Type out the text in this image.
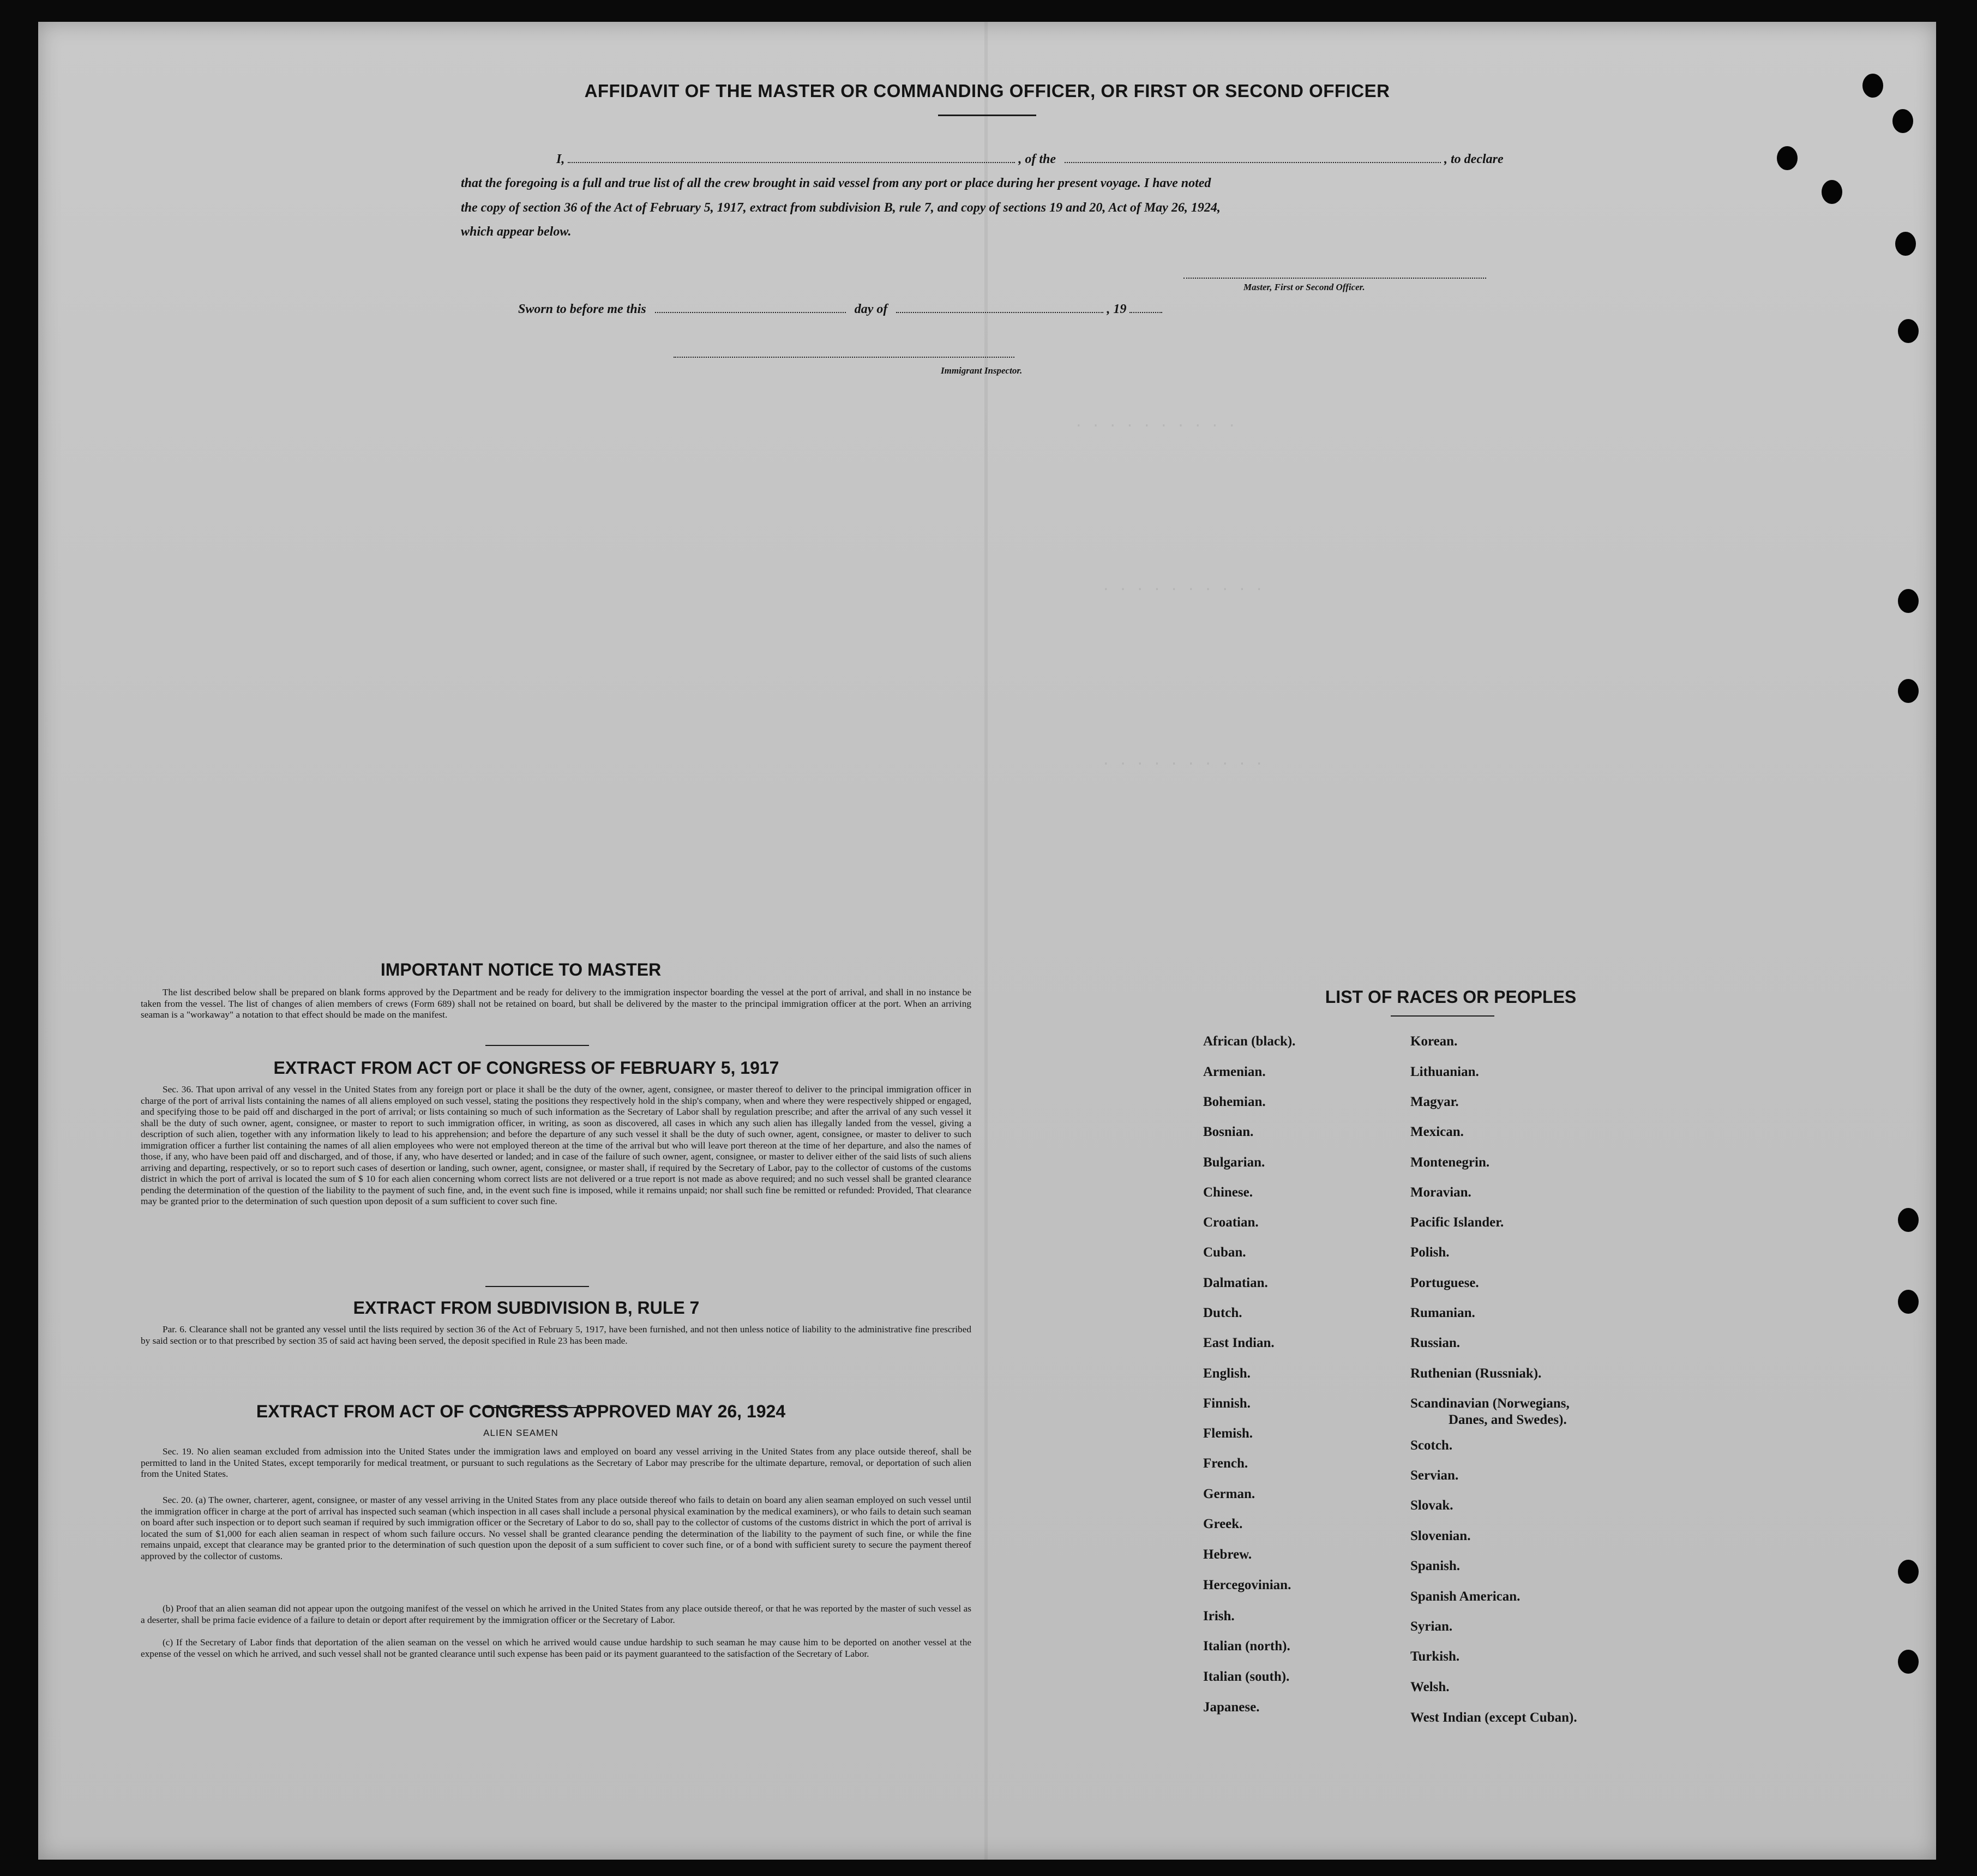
AFFIDAVIT OF THE MASTER OR COMMANDING OFFICER, OR FIRST OR SECOND OFFICER
I,	, of the	, to declare
that the foregoing is a full and true list of all the crew brought in said vessel from any port or place during her present voyage. I have noted
the copy of section 36 of the Act of February 5, 1917, extract from subdivision B, rule 7, and copy of sections 19 and 20, Act of May 26, 1924,
which appear below.
Master, First or Second Officer.
Sworn to before me this	day of	, 19
Immigrant Inspector.
. . . . . . . . . .
. . . . . . . . . .
. . . . . . . . . .
IMPORTANT NOTICE TO MASTER
The list described below shall be prepared on blank forms approved by the Department and be ready for delivery to the immigration inspector boarding the vessel at the port of arrival, and shall in no instance be taken from the vessel. The list of changes of alien members of crews (Form 689) shall not be retained on board, but shall be delivered by the master to the principal immigration officer at the port. When an arriving seaman is a "workaway" a notation to that effect should be made on the manifest.
EXTRACT FROM ACT OF CONGRESS OF FEBRUARY 5, 1917
Sec. 36. That upon arrival of any vessel in the United States from any foreign port or place it shall be the duty of the owner, agent, consignee, or master thereof to deliver to the principal immigration officer in charge of the port of arrival lists containing the names of all aliens employed on such vessel, stating the positions they respectively hold in the ship's company, when and where they were respectively shipped or engaged, and specifying those to be paid off and discharged in the port of arrival; or lists containing so much of such information as the Secretary of Labor shall by regulation prescribe; and after the arrival of any such vessel it shall be the duty of such owner, agent, consignee, or master to report to such immigration officer, in writing, as soon as discovered, all cases in which any such alien has illegally landed from the vessel, giving a description of such alien, together with any information likely to lead to his apprehension; and before the departure of any such vessel it shall be the duty of such owner, agent, consignee, or master to deliver to such immigration officer a further list containing the names of all alien employees who were not employed thereon at the time of the arrival but who will leave port thereon at the time of her departure, and also the names of those, if any, who have been paid off and discharged, and of those, if any, who have deserted or landed; and in case of the failure of such owner, agent, consignee, or master to deliver either of the said lists of such aliens arriving and departing, respectively, or so to report such cases of desertion or landing, such owner, agent, consignee, or master shall, if required by the Secretary of Labor, pay to the collector of customs of the customs district in which the port of arrival is located the sum of $ 10 for each alien concerning whom correct lists are not delivered or a true report is not made as above required; and no such vessel shall be granted clearance pending the determination of the question of the liability to the payment of such fine, and, in the event such fine is imposed, while it remains unpaid; nor shall such fine be remitted or refunded: Provided, That clearance may be granted prior to the determination of such question upon deposit of a sum sufficient to cover such fine.
EXTRACT FROM SUBDIVISION B, RULE 7
Par. 6. Clearance shall not be granted any vessel until the lists required by section 36 of the Act of February 5, 1917, have been furnished, and not then unless notice of liability to the administrative fine prescribed by said section or to that prescribed by section 35 of said act having been served, the deposit specified in Rule 23 has been made.
EXTRACT FROM ACT OF CONGRESS APPROVED MAY 26, 1924
ALIEN SEAMEN
Sec. 19. No alien seaman excluded from admission into the United States under the immigration laws and employed on board any vessel arriving in the United States from any place outside thereof, shall be permitted to land in the United States, except temporarily for medical treatment, or pursuant to such regulations as the Secretary of Labor may prescribe for the ultimate departure, removal, or deportation of such alien from the United States.
Sec. 20. (a) The owner, charterer, agent, consignee, or master of any vessel arriving in the United States from any place outside thereof who fails to detain on board any alien seaman employed on such vessel until the immigration officer in charge at the port of arrival has inspected such seaman (which inspection in all cases shall include a personal physical examination by the medical examiners), or who fails to detain such seaman on board after such inspection or to deport such seaman if required by such immigration officer or the Secretary of Labor to do so, shall pay to the collector of customs of the customs district in which the port of arrival is located the sum of $1,000 for each alien seaman in respect of whom such failure occurs. No vessel shall be granted clearance pending the determination of the liability to the payment of such fine, or while the fine remains unpaid, except that clearance may be granted prior to the determination of such question upon the deposit of a sum sufficient to cover such fine, or of a bond with sufficient surety to secure the payment thereof approved by the collector of customs.
(b) Proof that an alien seaman did not appear upon the outgoing manifest of the vessel on which he arrived in the United States from any place outside thereof, or that he was reported by the master of such vessel as a deserter, shall be prima facie evidence of a failure to detain or deport after requirement by the immigration officer or the Secretary of Labor.
(c) If the Secretary of Labor finds that deportation of the alien seaman on the vessel on which he arrived would cause undue hardship to such seaman he may cause him to be deported on another vessel at the expense of the vessel on which he arrived, and such vessel shall not be granted clearance until such expense has been paid or its payment guaranteed to the satisfaction of the Secretary of Labor.
LIST OF RACES OR PEOPLES
African (black).
Armenian.
Bohemian.
Bosnian.
Bulgarian.
Chinese.
Croatian.
Cuban.
Dalmatian.
Dutch.
East Indian.
English.
Finnish.
Flemish.
French.
German.
Greek.
Hebrew.
Hercegovinian.
Irish.
Italian (north).
Italian (south).
Japanese.
Korean.
Lithuanian.
Magyar.
Mexican.
Montenegrin.
Moravian.
Pacific Islander.
Polish.
Portuguese.
Rumanian.
Russian.
Ruthenian (Russniak).
Scandinavian (Norwegians,
Danes, and Swedes).
Scotch.
Servian.
Slovak.
Slovenian.
Spanish.
Spanish American.
Syrian.
Turkish.
Welsh.
West Indian (except Cuban).
